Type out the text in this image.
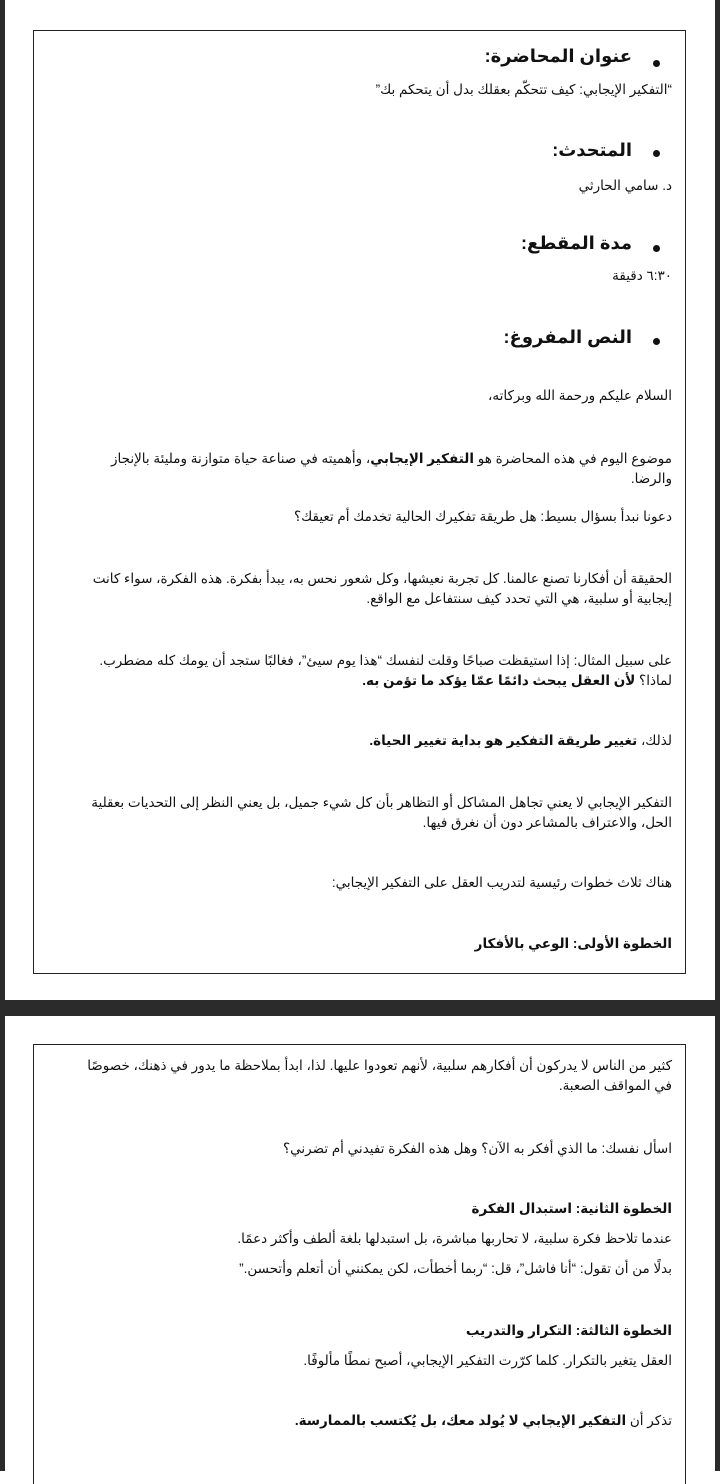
عنوان المحاضرة:
“التفكير الإيجابي: كيف تتحكّم بعقلك بدل أن يتحكم بك”
المتحدث:
د. سامي الحارثي
مدة المقطع:
٦:٣٠ دقيقة
النص المفروغ:
السلام عليكم ورحمة الله وبركاته،
موضوع اليوم في هذه المحاضرة هو التفكير الإيجابي، وأهميته في صناعة حياة متوازنة ومليئة بالإنجاز والرضا.
دعونا نبدأ بسؤال بسيط: هل طريقة تفكيرك الحالية تخدمك أم تعيقك؟
الحقيقة أن أفكارنا تصنع عالمنا. كل تجربة نعيشها، وكل شعور نحس به، يبدأ بفكرة. هذه الفكرة، سواء كانت إيجابية أو سلبية، هي التي تحدد كيف سنتفاعل مع الواقع.
على سبيل المثال: إذا استيقظت صباحًا وقلت لنفسك “هذا يوم سيئ”، فغالبًا ستجد أن يومك كله مضطرب. لماذا؟ لأن العقل يبحث دائمًا عمّا يؤكد ما تؤمن به.
لذلك، تغيير طريقة التفكير هو بداية تغيير الحياة.
التفكير الإيجابي لا يعني تجاهل المشاكل أو التظاهر بأن كل شيء جميل، بل يعني النظر إلى التحديات بعقلية الحل، والاعتراف بالمشاعر دون أن نغرق فيها.
هناك ثلاث خطوات رئيسية لتدريب العقل على التفكير الإيجابي:
الخطوة الأولى: الوعي بالأفكار
كثير من الناس لا يدركون أن أفكارهم سلبية، لأنهم تعودوا عليها. لذا، ابدأ بملاحظة ما يدور في ذهنك، خصوصًا في المواقف الصعبة.
اسأل نفسك: ما الذي أفكر به الآن؟ وهل هذه الفكرة تفيدني أم تضرني؟
الخطوة الثانية: استبدال الفكرة
عندما تلاحظ فكرة سلبية، لا تحاربها مباشرة، بل استبدلها بلغة ألطف وأكثر دعمًا.
بدلًا من أن تقول: “أنا فاشل”، قل: “ربما أخطأت، لكن يمكنني أن أتعلم وأتحسن.”
الخطوة الثالثة: التكرار والتدريب
العقل يتغير بالتكرار. كلما كرّرت التفكير الإيجابي، أصبح نمطًا مألوفًا.
تذكر أن التفكير الإيجابي لا يُولد معك، بل يُكتسب بالممارسة.
